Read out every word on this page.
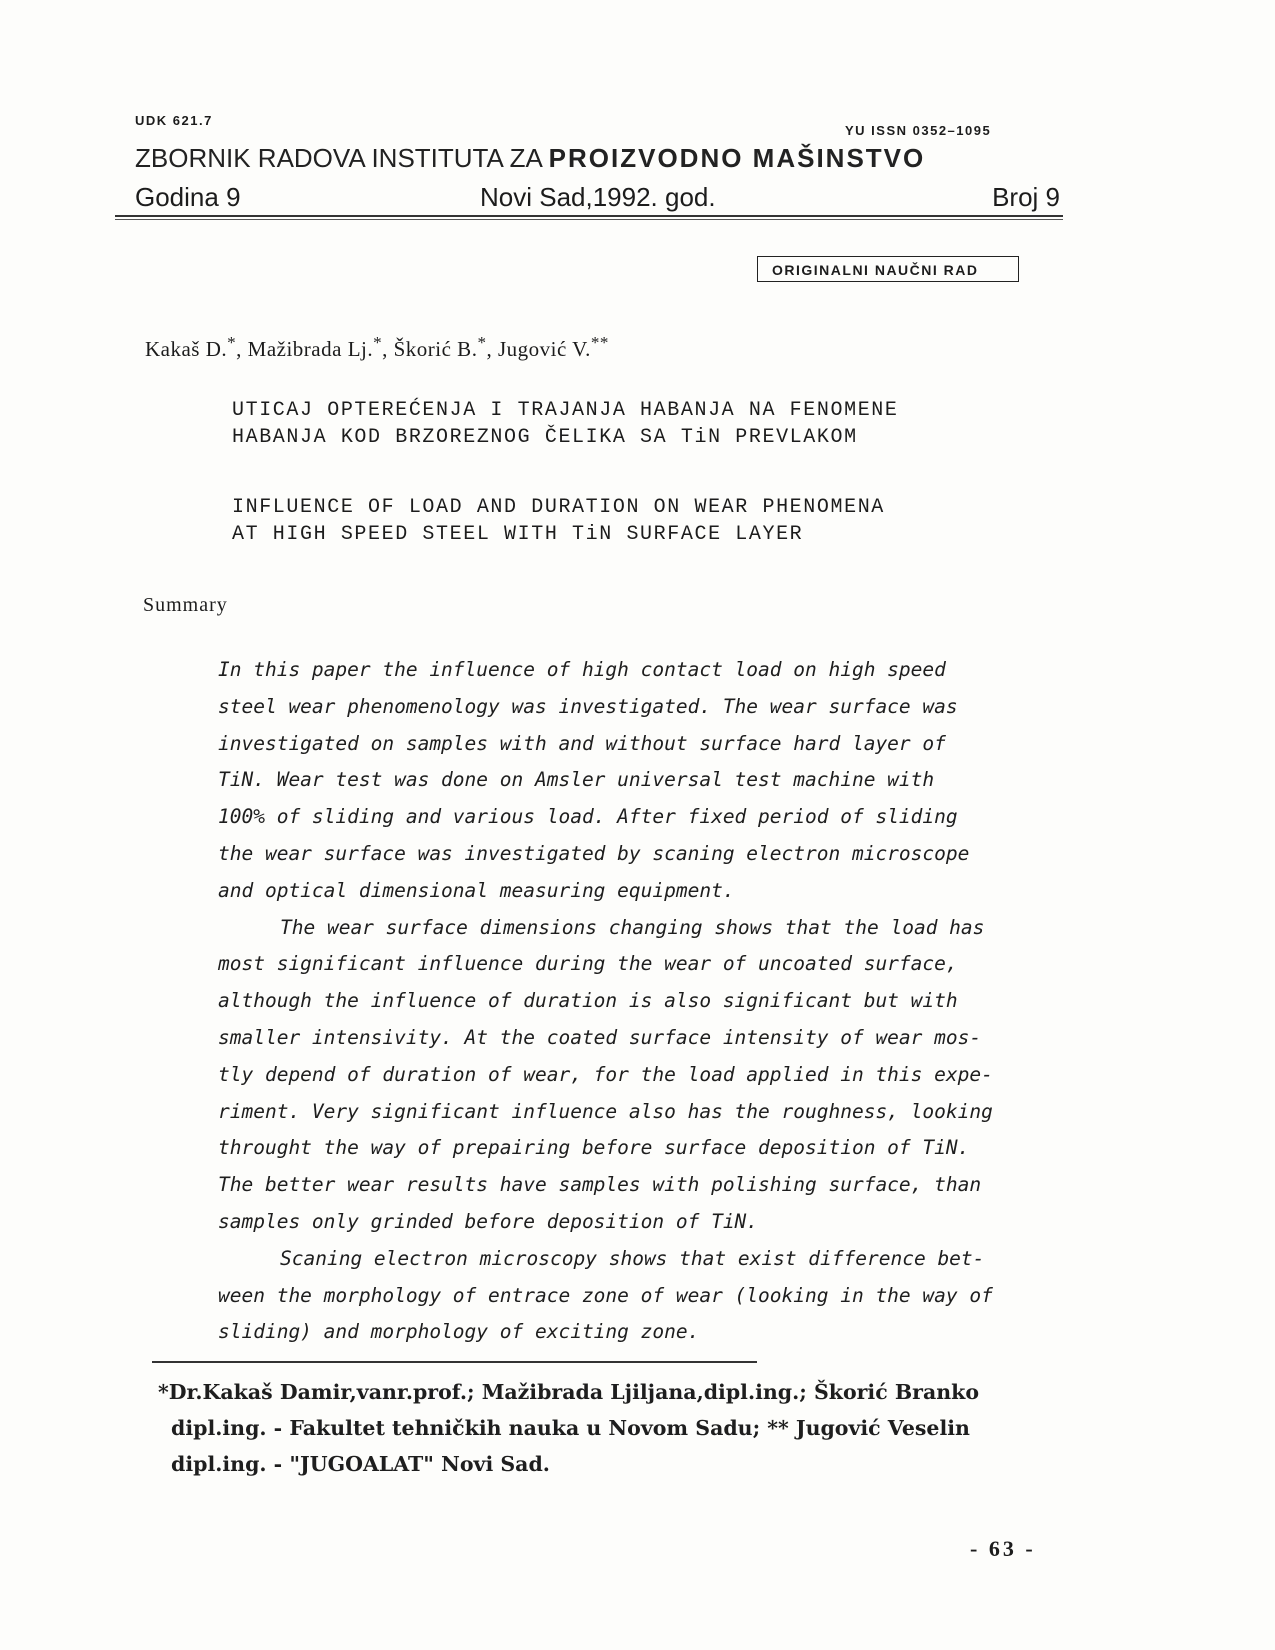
UDK 621.7
YU ISSN 0352–1095
ZBORNIK RADOVA INSTITUTA ZA PROIZVODNO MAŠINSTVO
Godina 9	Novi Sad,1992. god.	Broj 9
ORIGINALNI NAUČNI RAD
Kakaš D.*, Mažibrada Lj.*, Škorić B.*, Jugović V.**
UTICAJ OPTEREĆENJA I TRAJANJA HABANJA NA FENOMENE
HABANJA KOD BRZOREZNOG ČELIKA SA TiN PREVLAKOM
INFLUENCE OF LOAD AND DURATION ON WEAR PHENOMENA
AT HIGH SPEED STEEL WITH TiN SURFACE LAYER
Summary
In this paper the influence of high contact load on high speed
steel wear phenomenology was investigated. The wear surface was
investigated on samples with and without surface hard layer of
TiN. Wear test was done on Amsler universal test machine with
100% of sliding and various load. After fixed period of sliding
the wear surface was investigated by scaning electron microscope
and optical dimensional measuring equipment.
The wear surface dimensions changing shows that the load has
most significant influence during the wear of uncoated surface,
although the influence of duration is also significant but with
smaller intensivity. At the coated surface intensity of wear mos-
tly depend of duration of wear, for the load applied in this expe-
riment. Very significant influence also has the roughness, looking
throught the way of prepairing before surface deposition of TiN.
The better wear results have samples with polishing surface, than
samples only grinded before deposition of TiN.
Scaning electron microscopy shows that exist difference bet-
ween the morphology of entrace zone of wear (looking in the way of
sliding) and morphology of exciting zone.
*Dr.Kakaš Damir,vanr.prof.; Mažibrada Ljiljana,dipl.ing.; Škorić Branko
dipl.ing. - Fakultet tehničkih nauka u Novom Sadu; ** Jugović Veselin
dipl.ing. - "JUGOALAT" Novi Sad.
- 63 -
